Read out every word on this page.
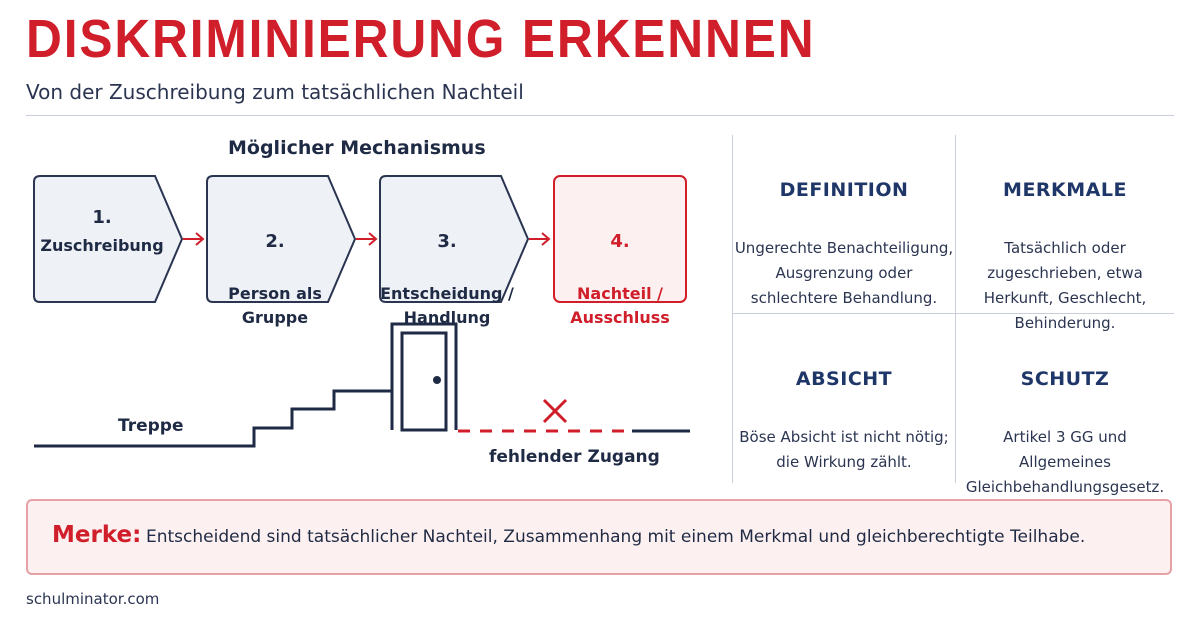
DISKRIMINIERUNG ERKENNEN
Von der Zuschreibung zum tatsächlichen Nachteil
Möglicher Mechanismus
1.
Zuschreibung	2.

Person als
Gruppe

3.

Entscheidung /
Handlung

4.

Nachteil /
Ausschluss

Treppe
fehlender Zugang

DEFINITION

Ungerechte Benachteiligung,
Ausgrenzung oder
schlechtere Behandlung.

MERKMALE

Tatsächlich oder
zugeschrieben, etwa
Herkunft, Geschlecht,
Behinderung.

ABSICHT

Böse Absicht ist nicht nötig;
die Wirkung zählt.

SCHUTZ

Artikel 3 GG und
Allgemeines
Gleichbehandlungsgesetz.

Merke: Entscheidend sind tatsächlicher Nachteil, Zusammenhang mit einem Merkmal und gleichberechtigte Teilhabe.
schulminator.com
